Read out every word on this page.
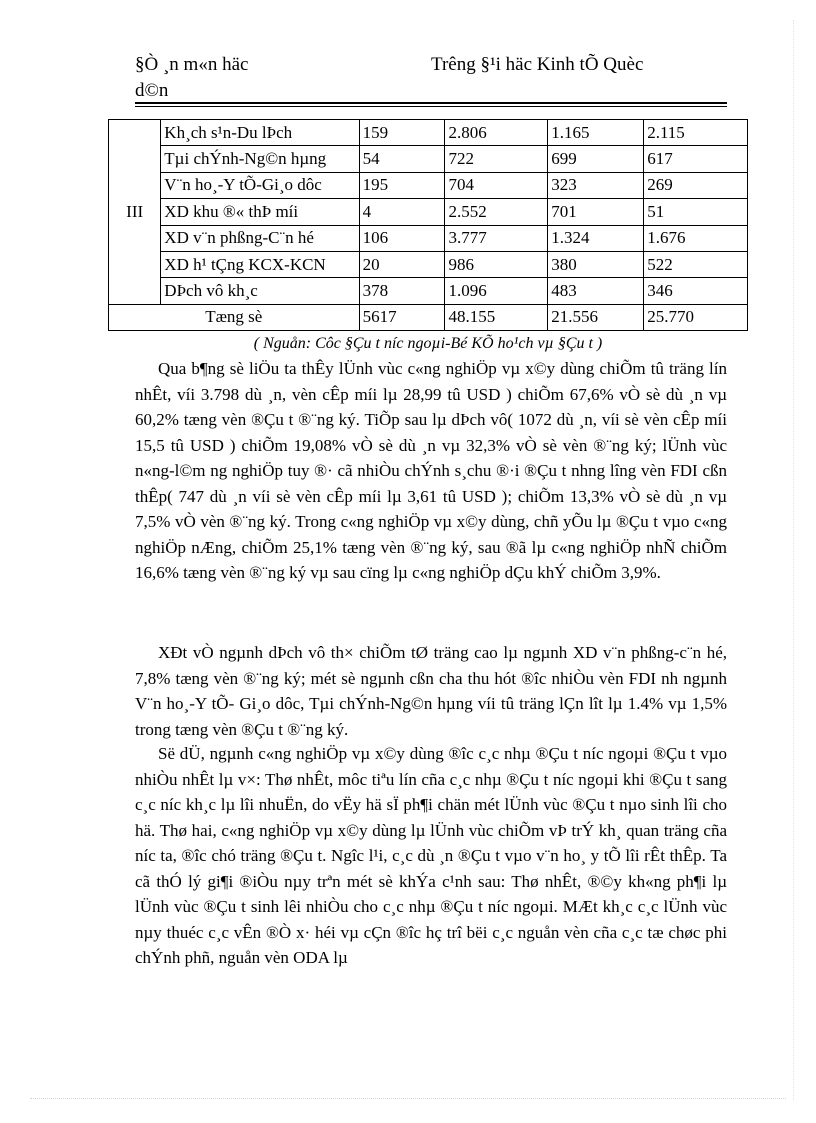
§Ò ¸n m«n häc d©n
Trêng §¹i häc Kinh tÕ Quèc
III	Kh¸ch s¹n-Du lÞch	159	2.806	1.165	2.115
	Tµi chÝnh-Ng©n hµng	54	722	699	617
	V¨n ho¸-Y tÕ-Gi¸o dôc	195	704	323	269
	XD khu ®« thÞ míi	4	2.552	701	51
	XD v¨n phßng-C¨n hé	106	3.777	1.324	1.676
	XD h¹ tÇng KCX-KCN	20	986	380	522
	DÞch vô kh¸c	378	1.096	483	346
Tæng sè		5617	48.155	21.556	25.770
( Nguån: Côc §Çu t níc ngoµi-Bé KÕ ho¹ch vµ §Çu t )

Qua b¶ng sè liÖu ta thÊy lÜnh vùc c«ng nghiÖp vµ x©y dùng chiÕm tû träng lín nhÊt, víi 3.798 dù ¸n, vèn cÊp míi lµ 28,99 tû USD ) chiÕm 67,6% vÒ sè dù ¸n vµ 60,2% tæng vèn ®Çu t ®¨ng ký. TiÕp sau lµ dÞch vô( 1072 dù ¸n, víi sè vèn cÊp míi 15,5 tû USD ) chiÕm 19,08% vÒ sè dù ¸n vµ 32,3% vÒ sè vèn ®¨ng ký; lÜnh vùc n«ng-l©m ng nghiÖp tuy ®· cã nhiÒu chÝnh s¸chu ®·i ®Çu t nhng lîng vèn FDI cßn thÊp( 747 dù ¸n víi sè vèn cÊp míi lµ 3,61 tû USD ); chiÕm 13,3% vÒ sè dù ¸n vµ 7,5% vÒ vèn ®¨ng ký. Trong c«ng nghiÖp vµ x©y dùng, chñ yÕu lµ ®Çu t vµo c«ng nghiÖp nÆng, chiÕm 25,1% tæng vèn ®¨ng ký, sau ®ã lµ c«ng nghiÖp nhÑ chiÕm 16,6% tæng vèn ®¨ng ký vµ sau cïng lµ c«ng nghiÖp dÇu khÝ chiÕm 3,9%.

XÐt vÒ ngµnh dÞch vô th× chiÕm tØ träng cao lµ ngµnh XD v¨n phßng-c¨n hé, 7,8% tæng vèn ®¨ng ký; mét sè ngµnh cßn cha thu hót ®îc nhiÒu vèn FDI nh ngµnh V¨n ho¸-Y tÕ- Gi¸o dôc, Tµi chÝnh-Ng©n hµng víi tû träng lÇn lît lµ 1.4% vµ 1,5% trong tæng vèn ®Çu t ®¨ng ký.

Së dÜ, ngµnh c«ng nghiÖp vµ x©y dùng ®îc c¸c nhµ ®Çu t níc ngoµi ®Çu t vµo nhiÒu nhÊt lµ v×: Thø nhÊt, môc tiªu lín cña c¸c nhµ ®Çu t níc ngoµi khi ®Çu t sang c¸c níc kh¸c lµ lîi nhuËn, do vËy hä sÏ ph¶i chän mét lÜnh vùc ®Çu t nµo sinh lîi cho hä. Thø hai, c«ng nghiÖp vµ x©y dùng lµ lÜnh vùc chiÕm vÞ trÝ kh¸ quan träng cña níc ta, ®îc chó träng ®Çu t. Ngîc l¹i, c¸c dù ¸n ®Çu t vµo v¨n ho¸ y tÕ lîi rÊt thÊp. Ta cã thÓ lý gi¶i ®iÒu nµy trªn mét sè khÝa c¹nh sau: Thø nhÊt, ®©y kh«ng ph¶i lµ lÜnh vùc ®Çu t sinh lêi nhiÒu cho c¸c nhµ ®Çu t níc ngoµi. MÆt kh¸c c¸c lÜnh vùc nµy thuéc c¸c vÊn ®Ò x· héi vµ cÇn ®îc hç trî bëi c¸c nguån vèn cña c¸c tæ chøc phi chÝnh phñ, nguån vèn ODA lµ
